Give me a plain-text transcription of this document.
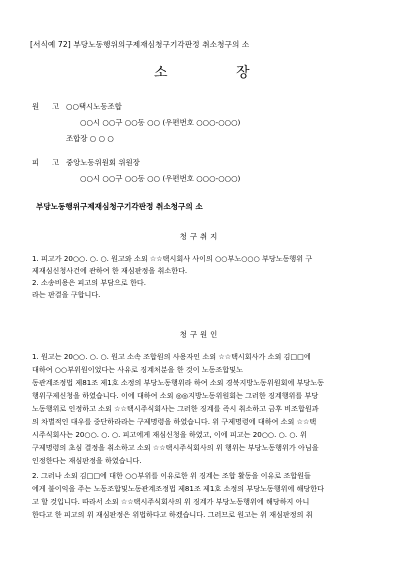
[서식예 72] 부당노동행위의구제재심청구기각판정 취소청구의 소
소	장
원 고 ○○택시노동조합
○○시 ○○구 ○○동 ○○ (우편번호 ○○○-○○○)
조합장 ○ ○ ○
피 고 중앙노동위원회 위원장
○○시 ○○구 ○○동 ○○ (우편번호 ○○○-○○○)
부당노동행위구제재심청구기각판정 취소청구의 소
청구취지
1. 피고가 20○○. ○. ○. 원고와 소외 ☆☆택시회사 사이의 ○○부노○○○ 부당노동행위 구
제재심신청사건에 관하여 한 재심판정을 취소한다.
2. 소송비용은 피고의 부담으로 한다.
라는 판결을 구합니다.
청구원인
1. 원고는 20○○. ○. ○. 원고 소속 조합원의 사용자인 소외 ☆☆택시회사가 소외 김□□에
대하여 ○○부위원이었다는 사유로 징계처분을 한 것이 노동조합및노
동관계조정법 제81조 제1호 소정의 부당노동행위라 하여 소외 경북지방노동위원회에 부당노동
행위구제신청을 하였습니다. 이에 대하여 소외 ◎◎지방노동위원회는 그러한 징계행위를 부당
노동행위로 인정하고 소외 ☆☆택시주식회사는 그러한 징계를 즉시 취소하고 금후 비조합원과
의 차별적인 대우를 중단하라라는 구제명령을 하였습니다. 위 구제명령에 대하여 소외 ☆☆택
시주식회사는 20○○. ○. ○. 피고에게 재심신청을 하였고, 이에 피고는 20○○. ○. ○. 위
구제명령의 초심 결정을 취소하고 소외 ☆☆택시주식회사의 위 행위는 부당노동행위가 아님을
인정한다는 재심판정을 하였습니다.
2. 그러나 소외 김□□에 대한 ○○부위를 이유로한 위 징계는 조합 활동을 이유로 조합원들
에게 불이익을 주는 노동조합및노동관계조정법 제81조 제1호 소정의 부당노동행위에 해당한다
고 할 것입니다. 따라서 소외 ☆☆택시주식회사의 위 징계가 부당노동행위에 해당하지 아니
한다고 한 피고의 위 재심판정은 위법하다고 하겠습니다. 그러므로 원고는 위 재심판정의 취
